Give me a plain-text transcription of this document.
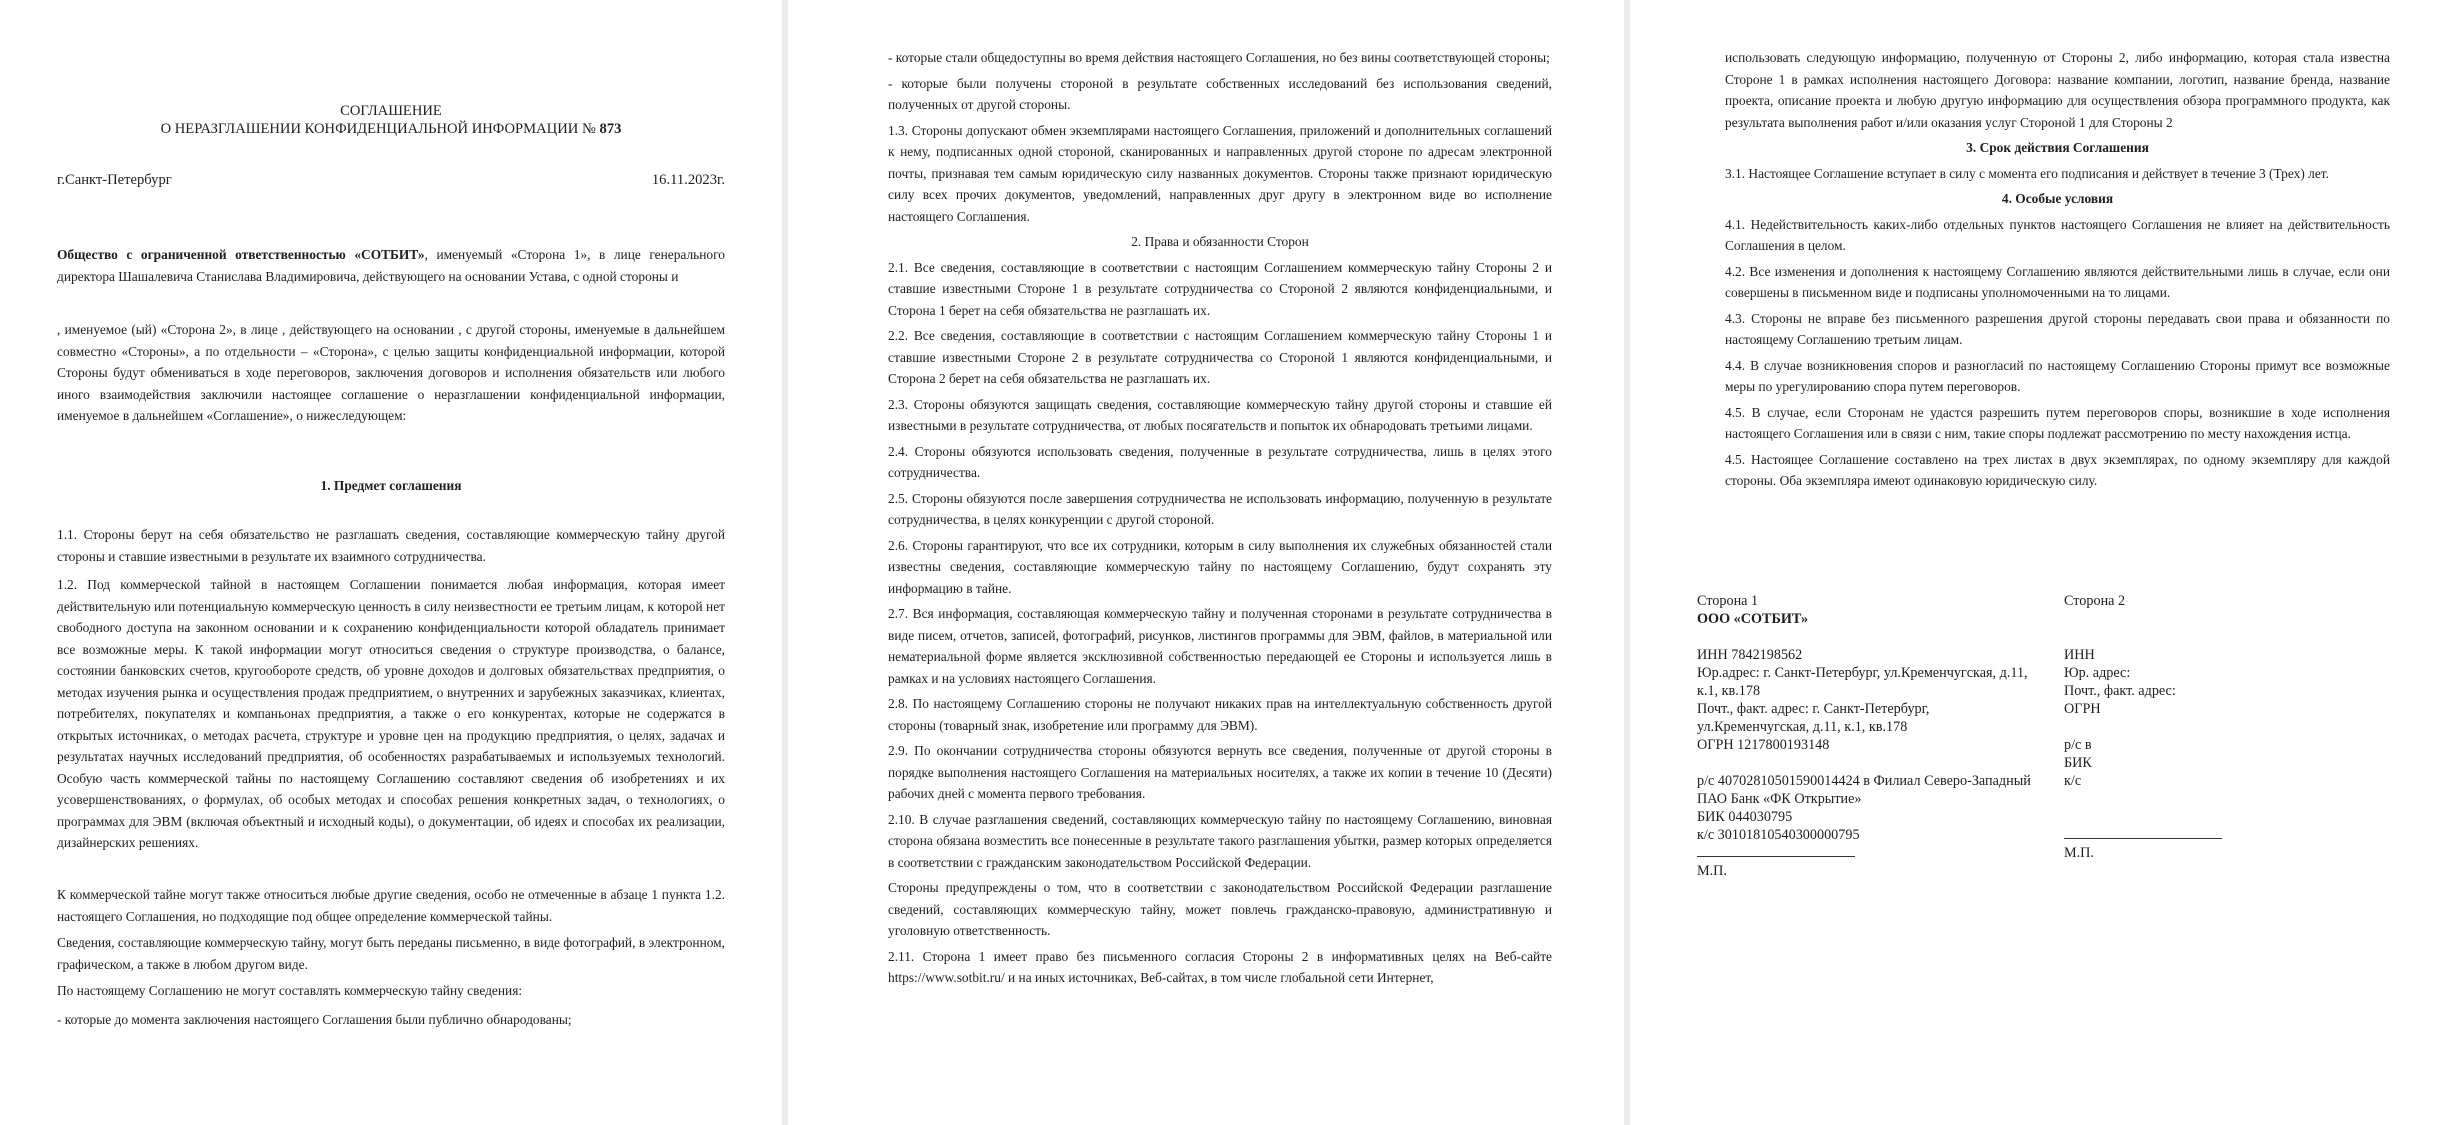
СОГЛАШЕНИЕ
О НЕРАЗГЛАШЕНИИ КОНФИДЕНЦИАЛЬНОЙ ИНФОРМАЦИИ № 873
г.Санкт-Петербург	16.11.2023г.
Общество с ограниченной ответственностью «СОТБИТ», именуемый «Сторона 1», в лице генерального директора Шашалевича Станислава Владимировича, действующего на основании Устава, с одной стороны и
, именуемое (ый) «Сторона 2», в лице , действующего на основании , с другой стороны, именуемые в дальнейшем совместно «Стороны», а по отдельности – «Сторона», с целью защиты конфиденциальной информации, которой Стороны будут обмениваться в ходе переговоров, заключения договоров и исполнения обязательств или любого иного взаимодействия заключили настоящее соглашение о неразглашении конфиденциальной информации, именуемое в дальнейшем «Соглашение», о нижеследующем:
1. Предмет соглашения
1.1. Стороны берут на себя обязательство не разглашать сведения, составляющие коммерческую тайну другой стороны и ставшие известными в результате их взаимного сотрудничества.
1.2. Под коммерческой тайной в настоящем Соглашении понимается любая информация, которая имеет действительную или потенциальную коммерческую ценность в силу неизвестности ее третьим лицам, к которой нет свободного доступа на законном основании и к сохранению конфиденциальности которой обладатель принимает все возможные меры. К такой информации могут относиться сведения о структуре производства, о балансе, состоянии банковских счетов, кругообороте средств, об уровне доходов и долговых обязательствах предприятия, о методах изучения рынка и осуществления продаж предприятием, о внутренних и зарубежных заказчиках, клиентах, потребителях, покупателях и компаньонах предприятия, а также о его конкурентах, которые не содержатся в открытых источниках, о методах расчета, структуре и уровне цен на продукцию предприятия, о целях, задачах и результатах научных исследований предприятия, об особенностях разрабатываемых и используемых технологий. Особую часть коммерческой тайны по настоящему Соглашению составляют сведения об изобретениях и их усовершенствованиях, о формулах, об особых методах и способах решения конкретных задач, о технологиях, о программах для ЭВМ (включая объектный и исходный коды), о документации, об идеях и способах их реализации, дизайнерских решениях.
К коммерческой тайне могут также относиться любые другие сведения, особо не отмеченные в абзаце 1 пункта 1.2. настоящего Соглашения, но подходящие под общее определение коммерческой тайны.
Сведения, составляющие коммерческую тайну, могут быть переданы письменно, в виде фотографий, в электронном, графическом, а также в любом другом виде.
По настоящему Соглашению не могут составлять коммерческую тайну сведения:
- которые до момента заключения настоящего Соглашения были публично обнародованы;

- которые стали общедоступны во время действия настоящего Соглашения, но без вины соответствующей стороны;

- которые были получены стороной в результате собственных исследований без использования сведений, полученных от другой стороны.

1.3. Стороны допускают обмен экземплярами настоящего Соглашения, приложений и дополнительных соглашений к нему, подписанных одной стороной, сканированных и направленных другой стороне по адресам электронной почты, признавая тем самым юридическую силу названных документов. Стороны также признают юридическую силу всех прочих документов, уведомлений, направленных друг другу в электронном виде во исполнение настоящего Соглашения.

2. Права и обязанности Сторон

2.1. Все сведения, составляющие в соответствии с настоящим Соглашением коммерческую тайну Стороны 2 и ставшие известными Стороне 1 в результате сотрудничества со Стороной 2 являются конфиденциальными, и Сторона 1 берет на себя обязательства не разглашать их.

2.2. Все сведения, составляющие в соответствии с настоящим Соглашением коммерческую тайну Стороны 1 и ставшие известными Стороне 2 в результате сотрудничества со Стороной 1 являются конфиденциальными, и Сторона 2 берет на себя обязательства не разглашать их.

2.3. Стороны обязуются защищать сведения, составляющие коммерческую тайну другой стороны и ставшие ей известными в результате сотрудничества, от любых посягательств и попыток их обнародовать третьими лицами.

2.4. Стороны обязуются использовать сведения, полученные в результате сотрудничества, лишь в целях этого сотрудничества.

2.5. Стороны обязуются после завершения сотрудничества не использовать информацию, полученную в результате сотрудничества, в целях конкуренции с другой стороной.

2.6. Стороны гарантируют, что все их сотрудники, которым в силу выполнения их служебных обязанностей стали известны сведения, составляющие коммерческую тайну по настоящему Соглашению, будут сохранять эту информацию в тайне.

2.7. Вся информация, составляющая коммерческую тайну и полученная сторонами в результате сотрудничества в виде писем, отчетов, записей, фотографий, рисунков, листингов программы для ЭВМ, файлов, в материальной или нематериальной форме является эксклюзивной собственностью передающей ее Стороны и используется лишь в рамках и на условиях настоящего Соглашения.

2.8. По настоящему Соглашению стороны не получают никаких прав на интеллектуальную собственность другой стороны (товарный знак, изобретение или программу для ЭВМ).

2.9. По окончании сотрудничества стороны обязуются вернуть все сведения, полученные от другой стороны в порядке выполнения настоящего Соглашения на материальных носителях, а также их копии в течение 10 (Десяти) рабочих дней с момента первого требования.

2.10. В случае разглашения сведений, составляющих коммерческую тайну по настоящему Соглашению, виновная сторона обязана возместить все понесенные в результате такого разглашения убытки, размер которых определяется в соответствии с гражданским законодательством Российской Федерации.

Стороны предупреждены о том, что в соответствии с законодательством Российской Федерации разглашение сведений, составляющих коммерческую тайну, может повлечь гражданско-правовую, административную и уголовную ответственность.

2.11. Сторона 1 имеет право без письменного согласия Стороны 2 в информативных целях на Веб-сайте https://www.sotbit.ru/ и на иных источниках, Веб-сайтах, в том числе глобальной сети Интернет,

использовать следующую информацию, полученную от Стороны 2, либо информацию, которая стала известна Стороне 1 в рамках исполнения настоящего Договора: название компании, логотип, название бренда, название проекта, описание проекта и любую другую информацию для осуществления обзора программного продукта, как результата выполнения работ и/или оказания услуг Стороной 1 для Стороны 2

3. Срок действия Соглашения

3.1. Настоящее Соглашение вступает в силу с момента его подписания и действует в течение 3 (Трех) лет.

4. Особые условия

4.1. Недействительность каких-либо отдельных пунктов настоящего Соглашения не влияет на действительность Соглашения в целом.

4.2. Все изменения и дополнения к настоящему Соглашению являются действительными лишь в случае, если они совершены в письменном виде и подписаны уполномоченными на то лицами.

4.3. Стороны не вправе без письменного разрешения другой стороны передавать свои права и обязанности по настоящему Соглашению третьим лицам.

4.4. В случае возникновения споров и разногласий по настоящему Соглашению Стороны примут все возможные меры по урегулированию спора путем переговоров.

4.5. В случае, если Сторонам не удастся разрешить путем переговоров споры, возникшие в ходе исполнения настоящего Соглашения или в связи с ним, такие споры подлежат рассмотрению по месту нахождения истца.

4.5. Настоящее Соглашение составлено на трех листах в двух экземплярах, по одному экземпляру для каждой стороны. Оба экземпляра имеют одинаковую юридическую силу.

Сторона 1

ООО «СОТБИТ»

ИНН 7842198562

Юр.адрес: г. Санкт-Петербург, ул.Кременчугская, д.11, к.1, кв.178

Почт., факт. адрес: г. Санкт-Петербург, ул.Кременчугская, д.11, к.1, кв.178

ОГРН 1217800193148

р/с 40702810501590014424 в Филиал Северо-Западный ПАО Банк «ФК Открытие»

БИК 044030795

к/с 30101810540300000795

М.П.

Сторона 2

ИНН

Юр. адрес:

Почт., факт. адрес:

ОГРН

р/с в

БИК

к/с

М.П.
